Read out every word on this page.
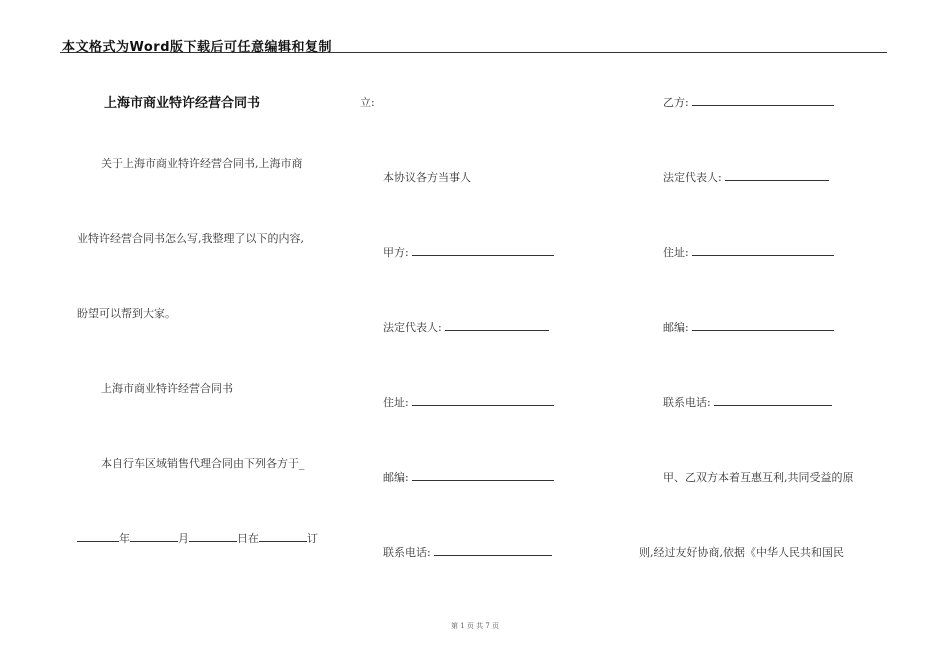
本文格式为Word版下载后可任意编辑和复制
上海市商业特许经营合同书
关于上海市商业特许经营合同书,上海市商
业特许经营合同书怎么写,我整理了以下的内容,
盼望可以帮到大家。
上海市商业特许经营合同书
本自行车区域销售代理合同由下列各方于_
年	月	日在	订
立:
本协议各方当事人
甲方:
法定代表人:
住址:
邮编:
联系电话:
乙方:
法定代表人:
住址:
邮编:
联系电话:
甲、乙双方本着互惠互利,共同受益的原
则,经过友好协商,依据《中华人民共和国民
第 1 页 共 7 页
